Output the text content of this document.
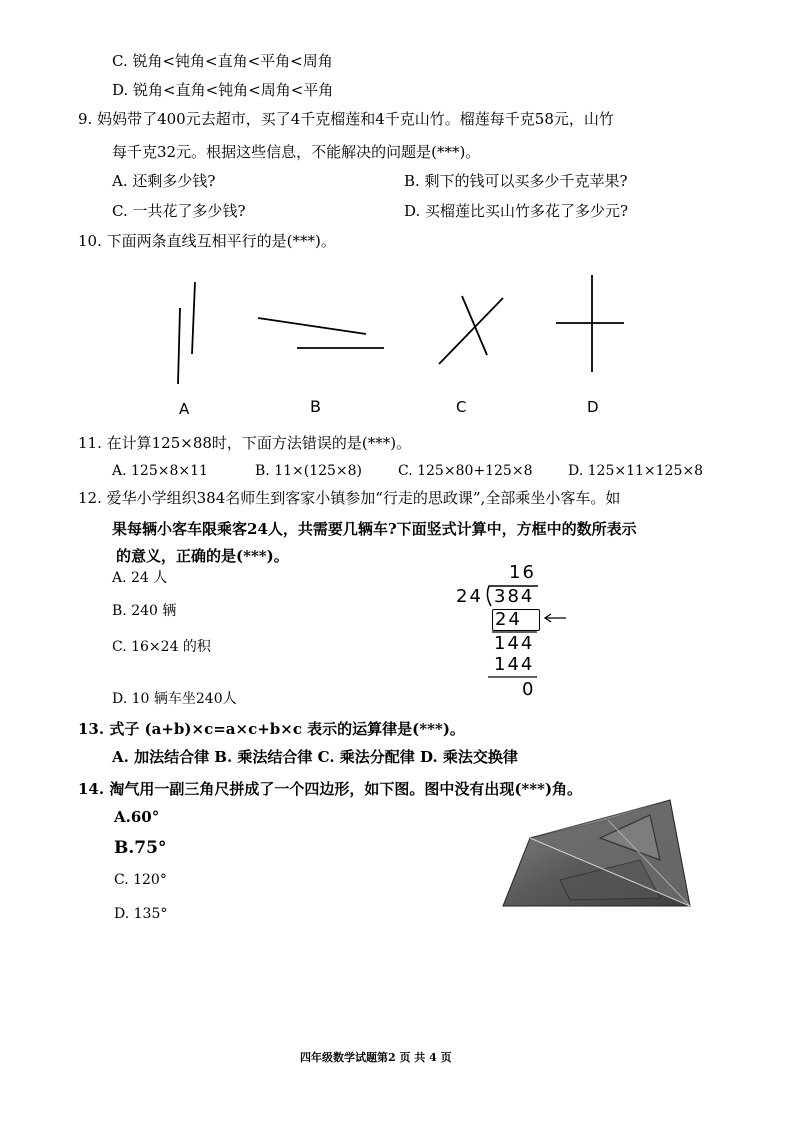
C. 锐角<钝角<直角<平角<周角
D. 锐角<直角<钝角<周角<平角
9. 妈妈带了400元去超市，买了4千克榴莲和4千克山竹。榴莲每千克58元，山竹
每千克32元。根据这些信息，不能解决的问题是(***)。
A. 还剩多少钱?	B. 剩下的钱可以买多少千克苹果?
C. 一共花了多少钱?	D. 买榴莲比买山竹多花了多少元?
10. 下面两条直线互相平行的是(***)。
A	B	C	D
11. 在计算125×88时，下面方法错误的是(***)。
A. 125×8×11	B. 11×(125×8)	C. 125×80+125×8	D. 125×11×125×8
12. 爱华小学组织384名师生到客家小镇参加“行走的思政课”,全部乘坐小客车。如
果每辆小客车限乘客24人，共需要几辆车?下面竖式计算中，方框中的数所表示
的意义，正确的是(***)。
A. 24 人
B. 240 辆
C. 16×24 的积
D. 10 辆车坐240人
16
24 384
24
144
144
0
13. 式子 (a+b)×c=a×c+b×c 表示的运算律是(***)。
A. 加法结合律 B. 乘法结合律 C. 乘法分配律 D. 乘法交换律
14. 淘气用一副三角尺拼成了一个四边形，如下图。图中没有出现(***)角。
A.60°
B.75°
C. 120°
D. 135°
四年级数学试题第2 页 共 4 页
